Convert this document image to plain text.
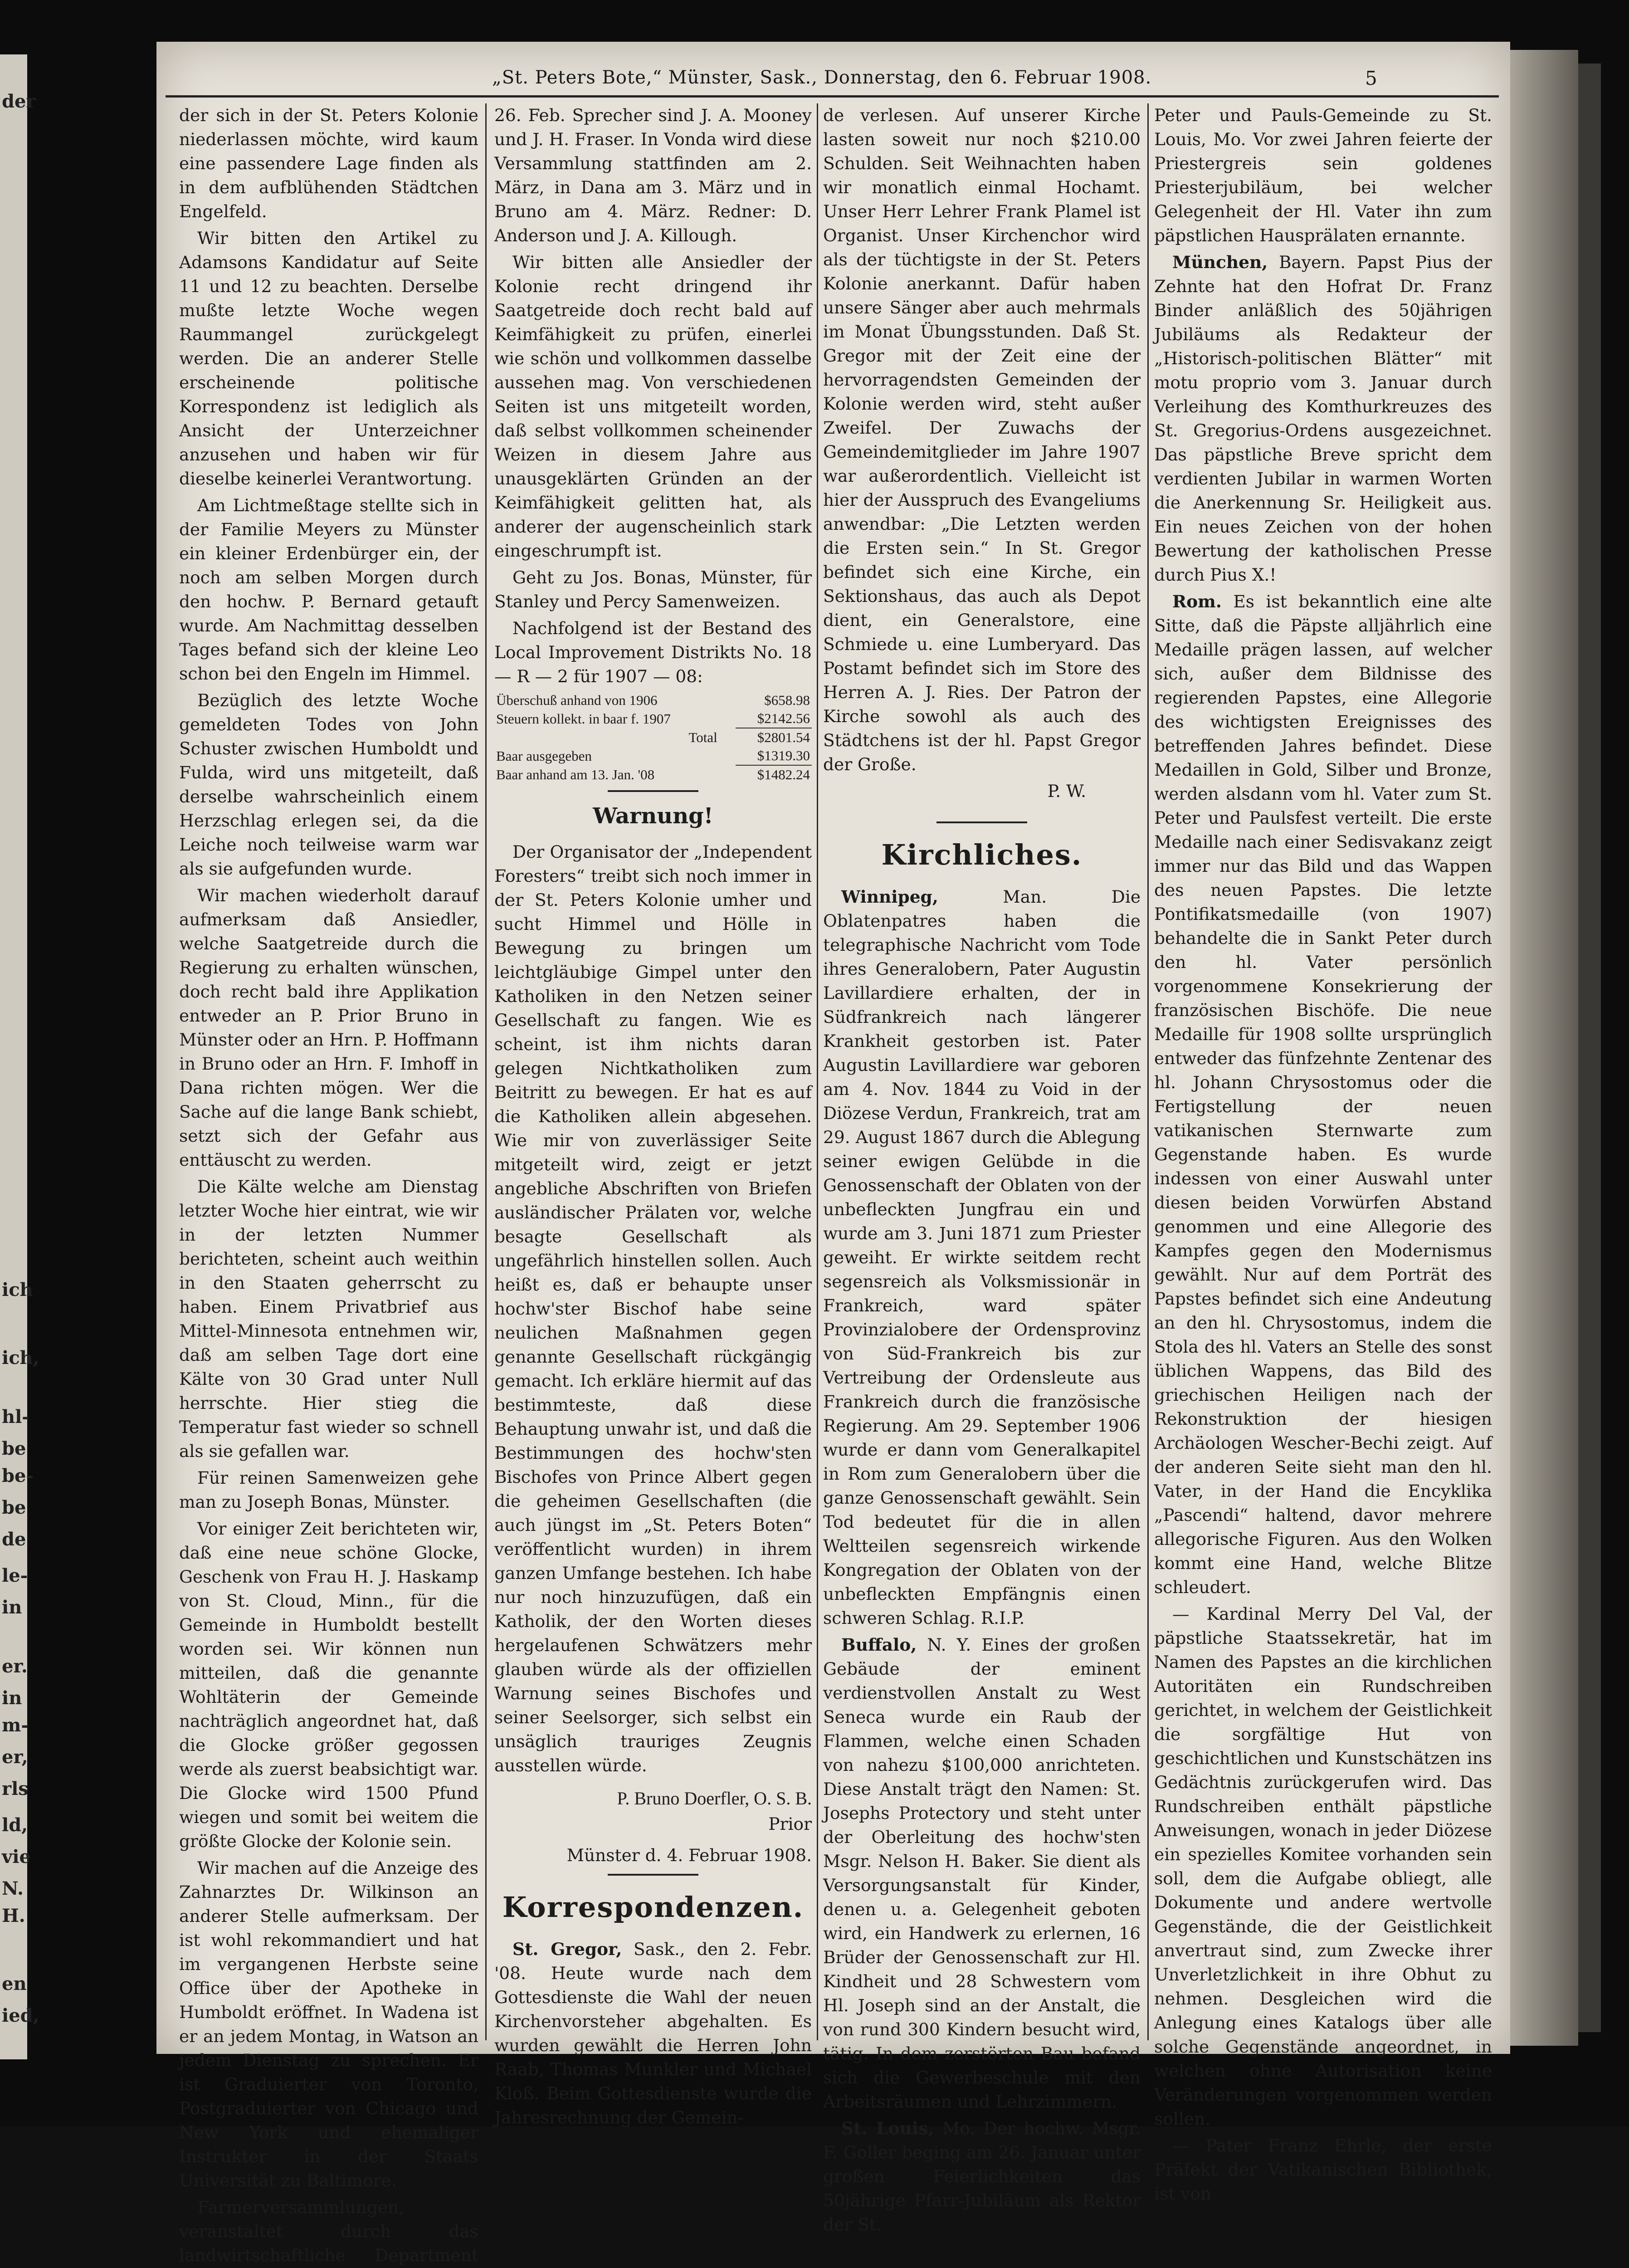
der
ich
ich,
hl-
be
be-
be
de
le-
in
er.
in
m-
er,
rls
ld,
vie
N.
H.
en
ied,
„St. Peters Bote,“ Münster, Sask., Donnerstag, den 6. Februar 1908.	5

der sich in der St. Peters Kolonie niederlassen möchte, wird kaum eine passendere Lage finden als in dem aufblühenden Städtchen Engelfeld.

Wir bitten den Artikel zu Adamsons Kandidatur auf Seite 11 und 12 zu beachten. Derselbe mußte letzte Woche wegen Raummangel zurückgelegt werden. Die an anderer Stelle erscheinende politische Korrespondenz ist lediglich als Ansicht der Unterzeichner anzusehen und haben wir für dieselbe keinerlei Verantwortung.

Am Lichtmeßtage stellte sich in der Familie Meyers zu Münster ein kleiner Erdenbürger ein, der noch am selben Morgen durch den hochw. P. Bernard getauft wurde. Am Nachmittag desselben Tages befand sich der kleine Leo schon bei den Engeln im Himmel.

Bezüglich des letzte Woche gemeldeten Todes von John Schuster zwischen Humboldt und Fulda, wird uns mitgeteilt, daß derselbe wahrscheinlich einem Herzschlag erlegen sei, da die Leiche noch teilweise warm war als sie aufgefunden wurde.

Wir machen wiederholt darauf aufmerksam daß Ansiedler, welche Saatgetreide durch die Regierung zu erhalten wünschen, doch recht bald ihre Applikation entweder an P. Prior Bruno in Münster oder an Hrn. P. Hoffmann in Bruno oder an Hrn. F. Imhoff in Dana richten mögen. Wer die Sache auf die lange Bank schiebt, setzt sich der Gefahr aus enttäuscht zu werden.

Die Kälte welche am Dienstag letzter Woche hier eintrat, wie wir in der letzten Nummer berichteten, scheint auch weithin in den Staaten geherrscht zu haben. Einem Privatbrief aus Mittel-Minnesota entnehmen wir, daß am selben Tage dort eine Kälte von 30 Grad unter Null herrschte. Hier stieg die Temperatur fast wieder so schnell als sie gefallen war.

Für reinen Samenweizen gehe man zu Joseph Bonas, Münster.

Vor einiger Zeit berichteten wir, daß eine neue schöne Glocke, Geschenk von Frau H. J. Haskamp von St. Cloud, Minn., für die Gemeinde in Humboldt bestellt worden sei. Wir können nun mitteilen, daß die genannte Wohltäterin der Gemeinde nachträglich angeordnet hat, daß die Glocke größer gegossen werde als zuerst beabsichtigt war. Die Glocke wird 1500 Pfund wiegen und somit bei weitem die größte Glocke der Kolonie sein.

Wir machen auf die Anzeige des Zahnarztes Dr. Wilkinson an anderer Stelle aufmerksam. Der ist wohl rekommandiert und hat im vergangenen Herbste seine Office über der Apotheke in Humboldt eröffnet. In Wadena ist er an jedem Montag, in Watson an jedem Dienstag zu sprechen. Er ist Graduierter von Toronto, Postgraduierter von Chicago und New York und ehemaliger Instrukter in der Staats Universität zu Baltimore.

Farmerversammlungen, veranstaltet durch das landwirtschaftliche Department

26. Feb. Sprecher sind J. A. Mooney und J. H. Fraser. In Vonda wird diese Versammlung stattfinden am 2. März, in Dana am 3. März und in Bruno am 4. März. Redner: D. Anderson und J. A. Killough.

Wir bitten alle Ansiedler der Kolonie recht dringend ihr Saatgetreide doch recht bald auf Keimfähigkeit zu prüfen, einerlei wie schön und vollkommen dasselbe aussehen mag. Von verschiedenen Seiten ist uns mitgeteilt worden, daß selbst vollkommen scheinender Weizen in diesem Jahre aus unausgeklärten Gründen an der Keimfähigkeit gelitten hat, als anderer der augenscheinlich stark eingeschrumpft ist.

Geht zu Jos. Bonas, Münster, für Stanley und Percy Samenweizen.

Nachfolgend ist der Bestand des Local Improvement Distrikts No. 18 — R — 2 für 1907 — 08:

Überschuß anhand von 1906	$658.98
Steuern kollekt. in baar f. 1907	$2142.56
Total	$2801.54
Baar ausgegeben	$1319.30
Baar anhand am 13. Jan. '08	$1482.24
Warnung!

Der Organisator der „Independent Foresters“ treibt sich noch immer in der St. Peters Kolonie umher und sucht Himmel und Hölle in Bewegung zu bringen um leichtgläubige Gimpel unter den Katholiken in den Netzen seiner Gesellschaft zu fangen. Wie es scheint, ist ihm nichts daran gelegen Nichtkatholiken zum Beitritt zu bewegen. Er hat es auf die Katholiken allein abgesehen. Wie mir von zuverlässiger Seite mitgeteilt wird, zeigt er jetzt angebliche Abschriften von Briefen ausländischer Prälaten vor, welche besagte Gesellschaft als ungefährlich hinstellen sollen. Auch heißt es, daß er behaupte unser hochw'ster Bischof habe seine neulichen Maßnahmen gegen genannte Gesellschaft rückgängig gemacht. Ich erkläre hiermit auf das bestimmteste, daß diese Behauptung unwahr ist, und daß die Bestimmungen des hochw'sten Bischofes von Prince Albert gegen die geheimen Gesellschaften (die auch jüngst im „St. Peters Boten“ veröffentlicht wurden) in ihrem ganzen Umfange bestehen. Ich habe nur noch hinzuzufügen, daß ein Katholik, der den Worten dieses hergelaufenen Schwätzers mehr glauben würde als der offiziellen Warnung seines Bischofes und seiner Seelsorger, sich selbst ein unsäglich trauriges Zeugnis ausstellen würde.

P. Bruno Doerfler, O. S. B.
Prior
Münster d. 4. Februar 1908.
Korrespondenzen.

St. Gregor, Sask., den 2. Febr. '08. Heute wurde nach dem Gottesdienste die Wahl der neuen Kirchenvorsteher abgehalten. Es wurden gewählt die Herren John Raab, Thomas Munkler und Michael Kloß. Beim Gottesdienste wurde die Jahresrechnung der Gemein-

de verlesen. Auf unserer Kirche lasten soweit nur noch $210.00 Schulden. Seit Weihnachten haben wir monatlich einmal Hochamt. Unser Herr Lehrer Frank Plamel ist Organist. Unser Kirchenchor wird als der tüchtigste in der St. Peters Kolonie anerkannt. Dafür haben unsere Sänger aber auch mehrmals im Monat Übungsstunden. Daß St. Gregor mit der Zeit eine der hervorragendsten Gemeinden der Kolonie werden wird, steht außer Zweifel. Der Zuwachs der Gemeindemitglieder im Jahre 1907 war außerordentlich. Vielleicht ist hier der Ausspruch des Evangeliums anwendbar: „Die Letzten werden die Ersten sein.“ In St. Gregor befindet sich eine Kirche, ein Sektionshaus, das auch als Depot dient, ein Generalstore, eine Schmiede u. eine Lumberyard. Das Postamt befindet sich im Store des Herren A. J. Ries. Der Patron der Kirche sowohl als auch des Städtchens ist der hl. Papst Gregor der Große.

P. W.
Kirchliches.

Winnipeg,	Man. Die Oblatenpatres haben die telegraphische Nachricht vom Tode ihres Generalobern, Pater Augustin Lavillardiere erhalten, der in Südfrankreich nach längerer Krankheit gestorben ist. Pater Augustin Lavillardiere war geboren am 4. Nov. 1844 zu Void in der Diözese Verdun, Frankreich, trat am 29. August 1867 durch die Ablegung seiner ewigen Gelübde in die Genossenschaft der Oblaten von der unbefleckten Jungfrau ein und wurde am 3. Juni 1871 zum Priester geweiht. Er wirkte seitdem recht segensreich als Volksmissionär in Frankreich, ward später Provinzialobere der Ordensprovinz von Süd-Frankreich bis zur Vertreibung der Ordensleute aus Frankreich durch die französische Regierung. Am 29. September 1906 wurde er dann vom Generalkapitel in Rom zum Generalobern über die ganze Genossenschaft gewählt. Sein Tod bedeutet für die in allen Weltteilen segensreich wirkende Kongregation der Oblaten von der unbefleckten Empfängnis einen schweren Schlag. R.I.P.

Buffalo, N. Y. Eines der großen Gebäude der eminent verdienstvollen Anstalt zu West Seneca wurde ein Raub der Flammen, welche einen Schaden von nahezu $100,000 anrichteten. Diese Anstalt trägt den Namen: St. Josephs Protectory und steht unter der Oberleitung des hochw'sten Msgr. Nelson H. Baker. Sie dient als Versorgungsanstalt für Kinder, denen u. a. Gelegenheit geboten wird, ein Handwerk zu erlernen, 16 Brüder der Genossenschaft zur Hl. Kindheit und 28 Schwestern vom Hl. Joseph sind an der Anstalt, die von rund 300 Kindern besucht wird, tätig. In dem zerstörten Bau befand sich die Gewerbeschule mit den Arbeitsräumen und Lehrzimmern.

St. Louis, Mo. Der hochw. Msgr. F. Goller beging am 26. Januar unter großen Feierlichkeiten das 50jährige Pfarr-Jubiläum als Rektor der St.

Peter und Pauls-Gemeinde zu St. Louis, Mo. Vor zwei Jahren feierte der Priestergreis sein goldenes Priesterjubiläum, bei welcher Gelegenheit der Hl. Vater ihn zum päpstlichen Hausprälaten ernannte.

München, Bayern. Papst Pius der Zehnte hat den Hofrat Dr. Franz Binder anläßlich des 50jährigen Jubiläums als Redakteur der „Historisch-politischen Blätter“ mit motu proprio vom 3. Januar durch Verleihung des Komthurkreuzes des St. Gregorius-Ordens ausgezeichnet. Das päpstliche Breve spricht dem verdienten Jubilar in warmen Worten die Anerkennung Sr. Heiligkeit aus. Ein neues Zeichen von der hohen Bewertung der katholischen Presse durch Pius X.!

Rom. Es ist bekanntlich eine alte Sitte, daß die Päpste alljährlich eine Medaille prägen lassen, auf welcher sich, außer dem Bildnisse des regierenden Papstes, eine Allegorie des wichtigsten Ereignisses des betreffenden Jahres befindet. Diese Medaillen in Gold, Silber und Bronze, werden alsdann vom hl. Vater zum St. Peter und Paulsfest verteilt. Die erste Medaille nach einer Sedisvakanz zeigt immer nur das Bild und das Wappen des neuen Papstes. Die letzte Pontifikatsmedaille (von 1907) behandelte die in Sankt Peter durch den hl. Vater persönlich vorgenommene Konsekrierung der französischen Bischöfe. Die neue Medaille für 1908 sollte ursprünglich entweder das fünfzehnte Zentenar des hl. Johann Chrysostomus oder die Fertigstellung der neuen vatikanischen Sternwarte zum Gegenstande haben. Es wurde indessen von einer Auswahl unter diesen beiden Vorwürfen Abstand genommen und eine Allegorie des Kampfes gegen den Modernismus gewählt. Nur auf dem Porträt des Papstes befindet sich eine Andeutung an den hl. Chrysostomus, indem die Stola des hl. Vaters an Stelle des sonst üblichen Wappens, das Bild des griechischen Heiligen nach der Rekonstruktion der hiesigen Archäologen Wescher-Bechi zeigt. Auf der anderen Seite sieht man den hl. Vater, in der Hand die Encyklika „Pascendi“ haltend, davor mehrere allegorische Figuren. Aus den Wolken kommt eine Hand, welche Blitze schleudert.

— Kardinal Merry Del Val, der päpstliche Staatssekretär, hat im Namen des Papstes an die kirchlichen Autoritäten ein Rundschreiben gerichtet, in welchem der Geistlichkeit die sorgfältige Hut von geschichtlichen und Kunstschätzen ins Gedächtnis zurückgerufen wird. Das Rundschreiben enthält päpstliche Anweisungen, wonach in jeder Diözese ein spezielles Komitee vorhanden sein soll, dem die Aufgabe obliegt, alle Dokumente und andere wertvolle Gegenstände, die der Geistlichkeit anvertraut sind, zum Zwecke ihrer Unverletzlichkeit in ihre Obhut zu nehmen. Desgleichen wird die Anlegung eines Katalogs über alle solche Gegenstände angeordnet, in welchen ohne Autorisation keine Veränderungen vorgenommen werden sollen.

— Pater Franz Ehrle, der erste Präfekt der Vatikanischen Bibliothek, ist von
